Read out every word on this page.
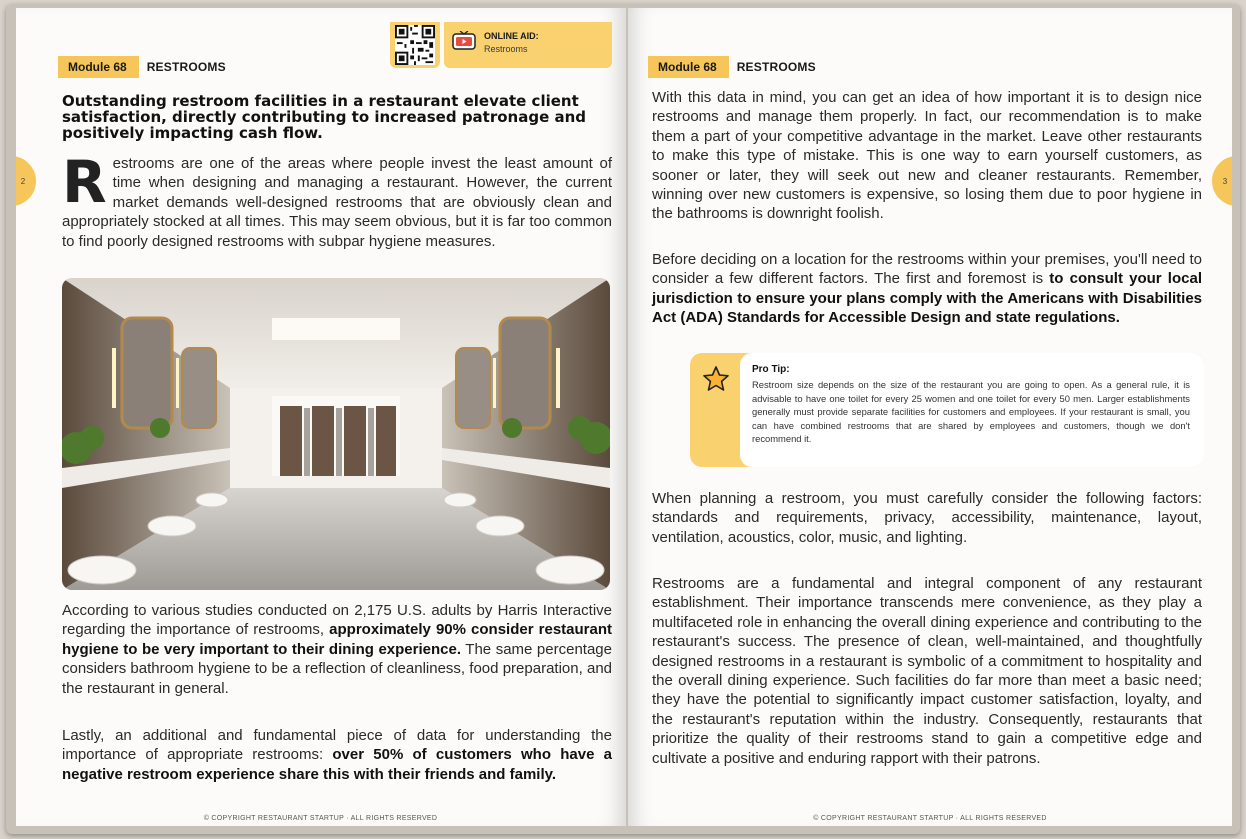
2
Module 68	RESTROOMS
ONLINE AID:
Restrooms
Outstanding restroom facilities in a restaurant elevate client satisfaction, directly contributing to increased patronage and positively impacting cash flow.
Restrooms are one of the areas where people invest the least amount of time when designing and managing a restaurant. However, the current market demands well-designed restrooms that are obviously clean and appropriately stocked at all times. This may seem obvious, but it is far too common to find poorly designed restrooms with subpar hygiene measures.
According to various studies conducted on 2,175 U.S. adults by Harris Interactive regarding the importance of restrooms, approximately 90% consider restaurant hygiene to be very important to their dining experience. The same percentage considers bathroom hygiene to be a reflection of cleanliness, food preparation, and the restaurant in general.
Lastly, an additional and fundamental piece of data for understanding the importance of appropriate restrooms: over 50% of customers who have a negative restroom experience share this with their friends and family.
© COPYRIGHT RESTAURANT STARTUP · ALL RIGHTS RESERVED
3
Module 68	RESTROOMS
With this data in mind, you can get an idea of how important it is to design nice restrooms and manage them properly. In fact, our recommendation is to make them a part of your competitive advantage in the market. Leave other restaurants to make this type of mistake. This is one way to earn yourself customers, as sooner or later, they will seek out new and cleaner restaurants. Remember, winning over new customers is expensive, so losing them due to poor hygiene in the bathrooms is downright foolish.
Before deciding on a location for the restrooms within your premises, you'll need to consider a few different factors. The first and foremost is to consult your local jurisdiction to ensure your plans comply with the Americans with Disabilities Act (ADA) Standards for Accessible Design and state regulations.
Pro Tip:
Restroom size depends on the size of the restaurant you are going to open. As a general rule, it is advisable to have one toilet for every 25 women and one toilet for every 50 men. Larger establishments generally must provide separate facilities for customers and employees. If your restaurant is small, you can have combined restrooms that are shared by employees and customers, though we don't recommend it.
When planning a restroom, you must carefully consider the following factors: standards and requirements, privacy, accessibility, maintenance, layout, ventilation, acoustics, color, music, and lighting.
Restrooms are a fundamental and integral component of any restaurant establishment. Their importance transcends mere convenience, as they play a multifaceted role in enhancing the overall dining experience and contributing to the restaurant's success. The presence of clean, well-maintained, and thoughtfully designed restrooms in a restaurant is symbolic of a commitment to hospitality and the overall dining experience. Such facilities do far more than meet a basic need; they have the potential to significantly impact customer satisfaction, loyalty, and the restaurant's reputation within the industry. Consequently, restaurants that prioritize the quality of their restrooms stand to gain a competitive edge and cultivate a positive and enduring rapport with their patrons.
© COPYRIGHT RESTAURANT STARTUP · ALL RIGHTS RESERVED
